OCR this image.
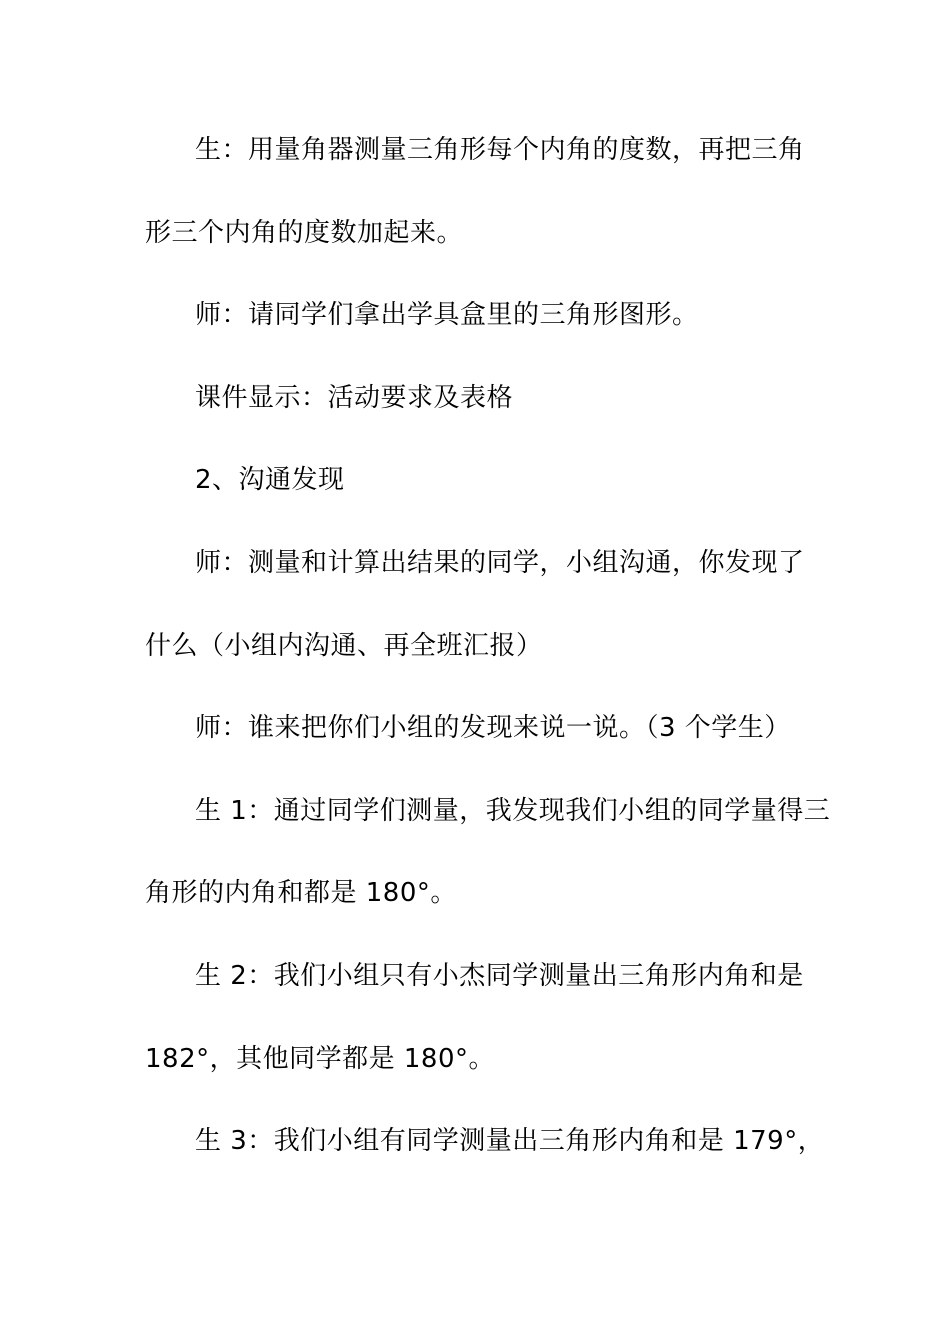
生：用量角器测量三角形每个内角的度数，再把三角
形三个内角的度数加起来。
师：请同学们拿出学具盒里的三角形图形。
课件显示：活动要求及表格
2、沟通发现
师：测量和计算出结果的同学，小组沟通，你发现了
什么（小组内沟通、再全班汇报）
师：谁来把你们小组的发现来说一说。（3 个学生）
生 1：通过同学们测量，我发现我们小组的同学量得三
角形的内角和都是 180°。
生 2：我们小组只有小杰同学测量出三角形内角和是
182°，其他同学都是 180°。
生 3：我们小组有同学测量出三角形内角和是 179°，
